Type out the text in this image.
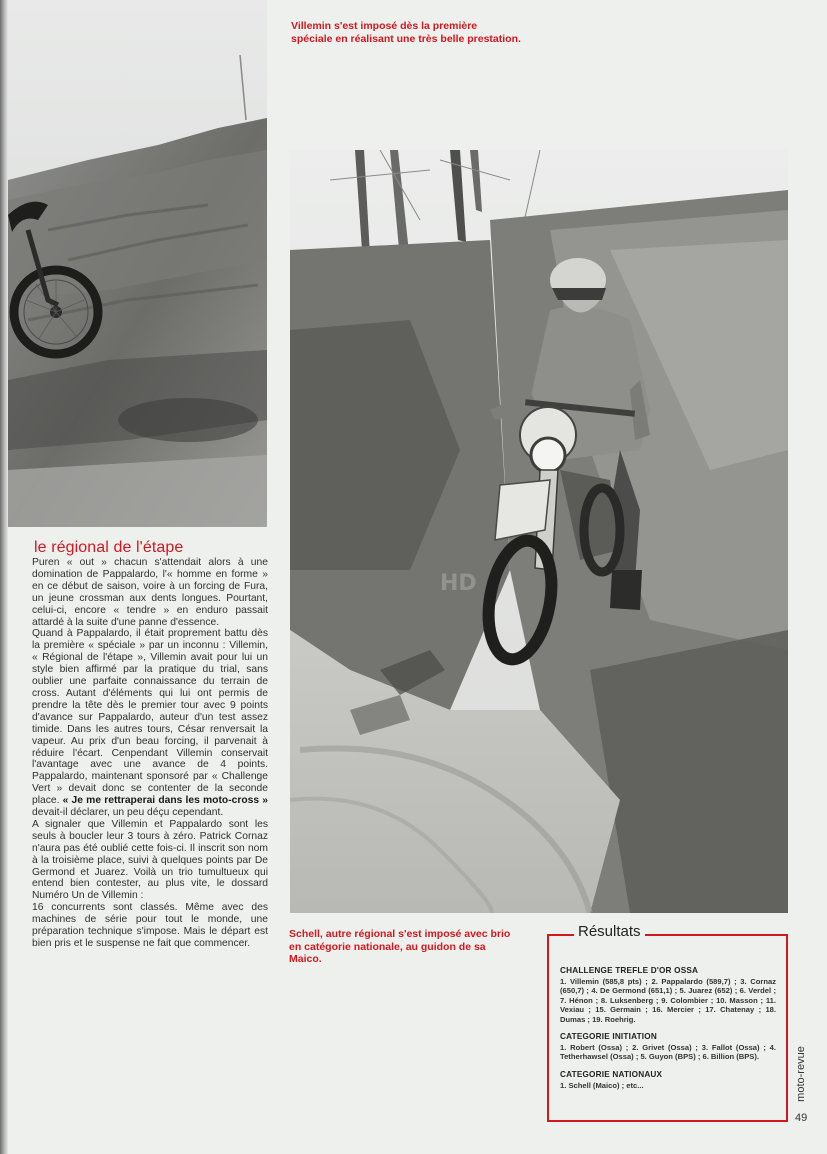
Villemin s'est imposé dès la première spéciale en réalisant une très belle prestation.
HD
Schell, autre régional s'est imposé avec brio en catégorie nationale, au guidon de sa Maico.
le régional de l'étape

Puren « out » chacun s'attendait alors à une domination de Pappalardo, l'« homme en forme » en ce début de saison, voire à un forcing de Fura, un jeune crossman aux dents longues. Pourtant, celui-ci, encore « tendre » en enduro passait attardé à la suite d'une panne d'essence.

Quand à Pappalardo, il était proprement battu dès la première « spéciale » par un inconnu : Villemin, « Régional de l'étape », Villemin avait pour lui un style bien affirmé par la pratique du trial, sans oublier une parfaite connaissance du terrain de cross. Autant d'éléments qui lui ont permis de prendre la tête dès le premier tour avec 9 points d'avance sur Pappalardo, auteur d'un test assez timide. Dans les autres tours, César renversait la vapeur. Au prix d'un beau forcing, il parvenait à réduire l'écart. Cenpendant Villemin conservait l'avantage avec une avance de 4 points. Pappalardo, maintenant sponsoré par « Challenge Vert » devait donc se contenter de la seconde place. « Je me rettraperai dans les moto-cross » devait-il déclarer, un peu déçu cependant.

A signaler que Villemin et Pappalardo sont les seuls à boucler leur 3 tours à zéro. Patrick Cornaz n'aura pas été oublié cette fois-ci. Il inscrit son nom à la troisième place, suivi à quelques points par De Germond et Juarez. Voilà un trio tumultueux qui entend bien contester, au plus vite, le dossard Numéro Un de Villemin :

16 concurrents sont classés. Même avec des machines de série pour tout le monde, une préparation technique s'impose. Mais le départ est bien pris et le suspense ne fait que commencer.

Résultats
CHALLENGE TREFLE D'OR OSSA
1. Villemin (585,8 pts) ; 2. Pappalardo (589,7) ; 3. Cornaz (650,7) ; 4. De Germond (651,1) ; 5. Juarez (652) ; 6. Verdel ; 7. Hénon ; 8. Luksenberg ; 9. Colombier ; 10. Masson ; 11. Vexiau ; 15. Germain ; 16. Mercier ; 17. Chatenay ; 18. Dumas ; 19. Roehrig.
CATEGORIE INITIATION
1. Robert (Ossa) ; 2. Grivet (Ossa) ; 3. Fallot (Ossa) ; 4. Tetherhawsel (Ossa) ; 5. Guyon (BPS) ; 6. Billion (BPS).
CATEGORIE NATIONAUX
1. Schell (Maico) ; etc...	moto-revue
49
